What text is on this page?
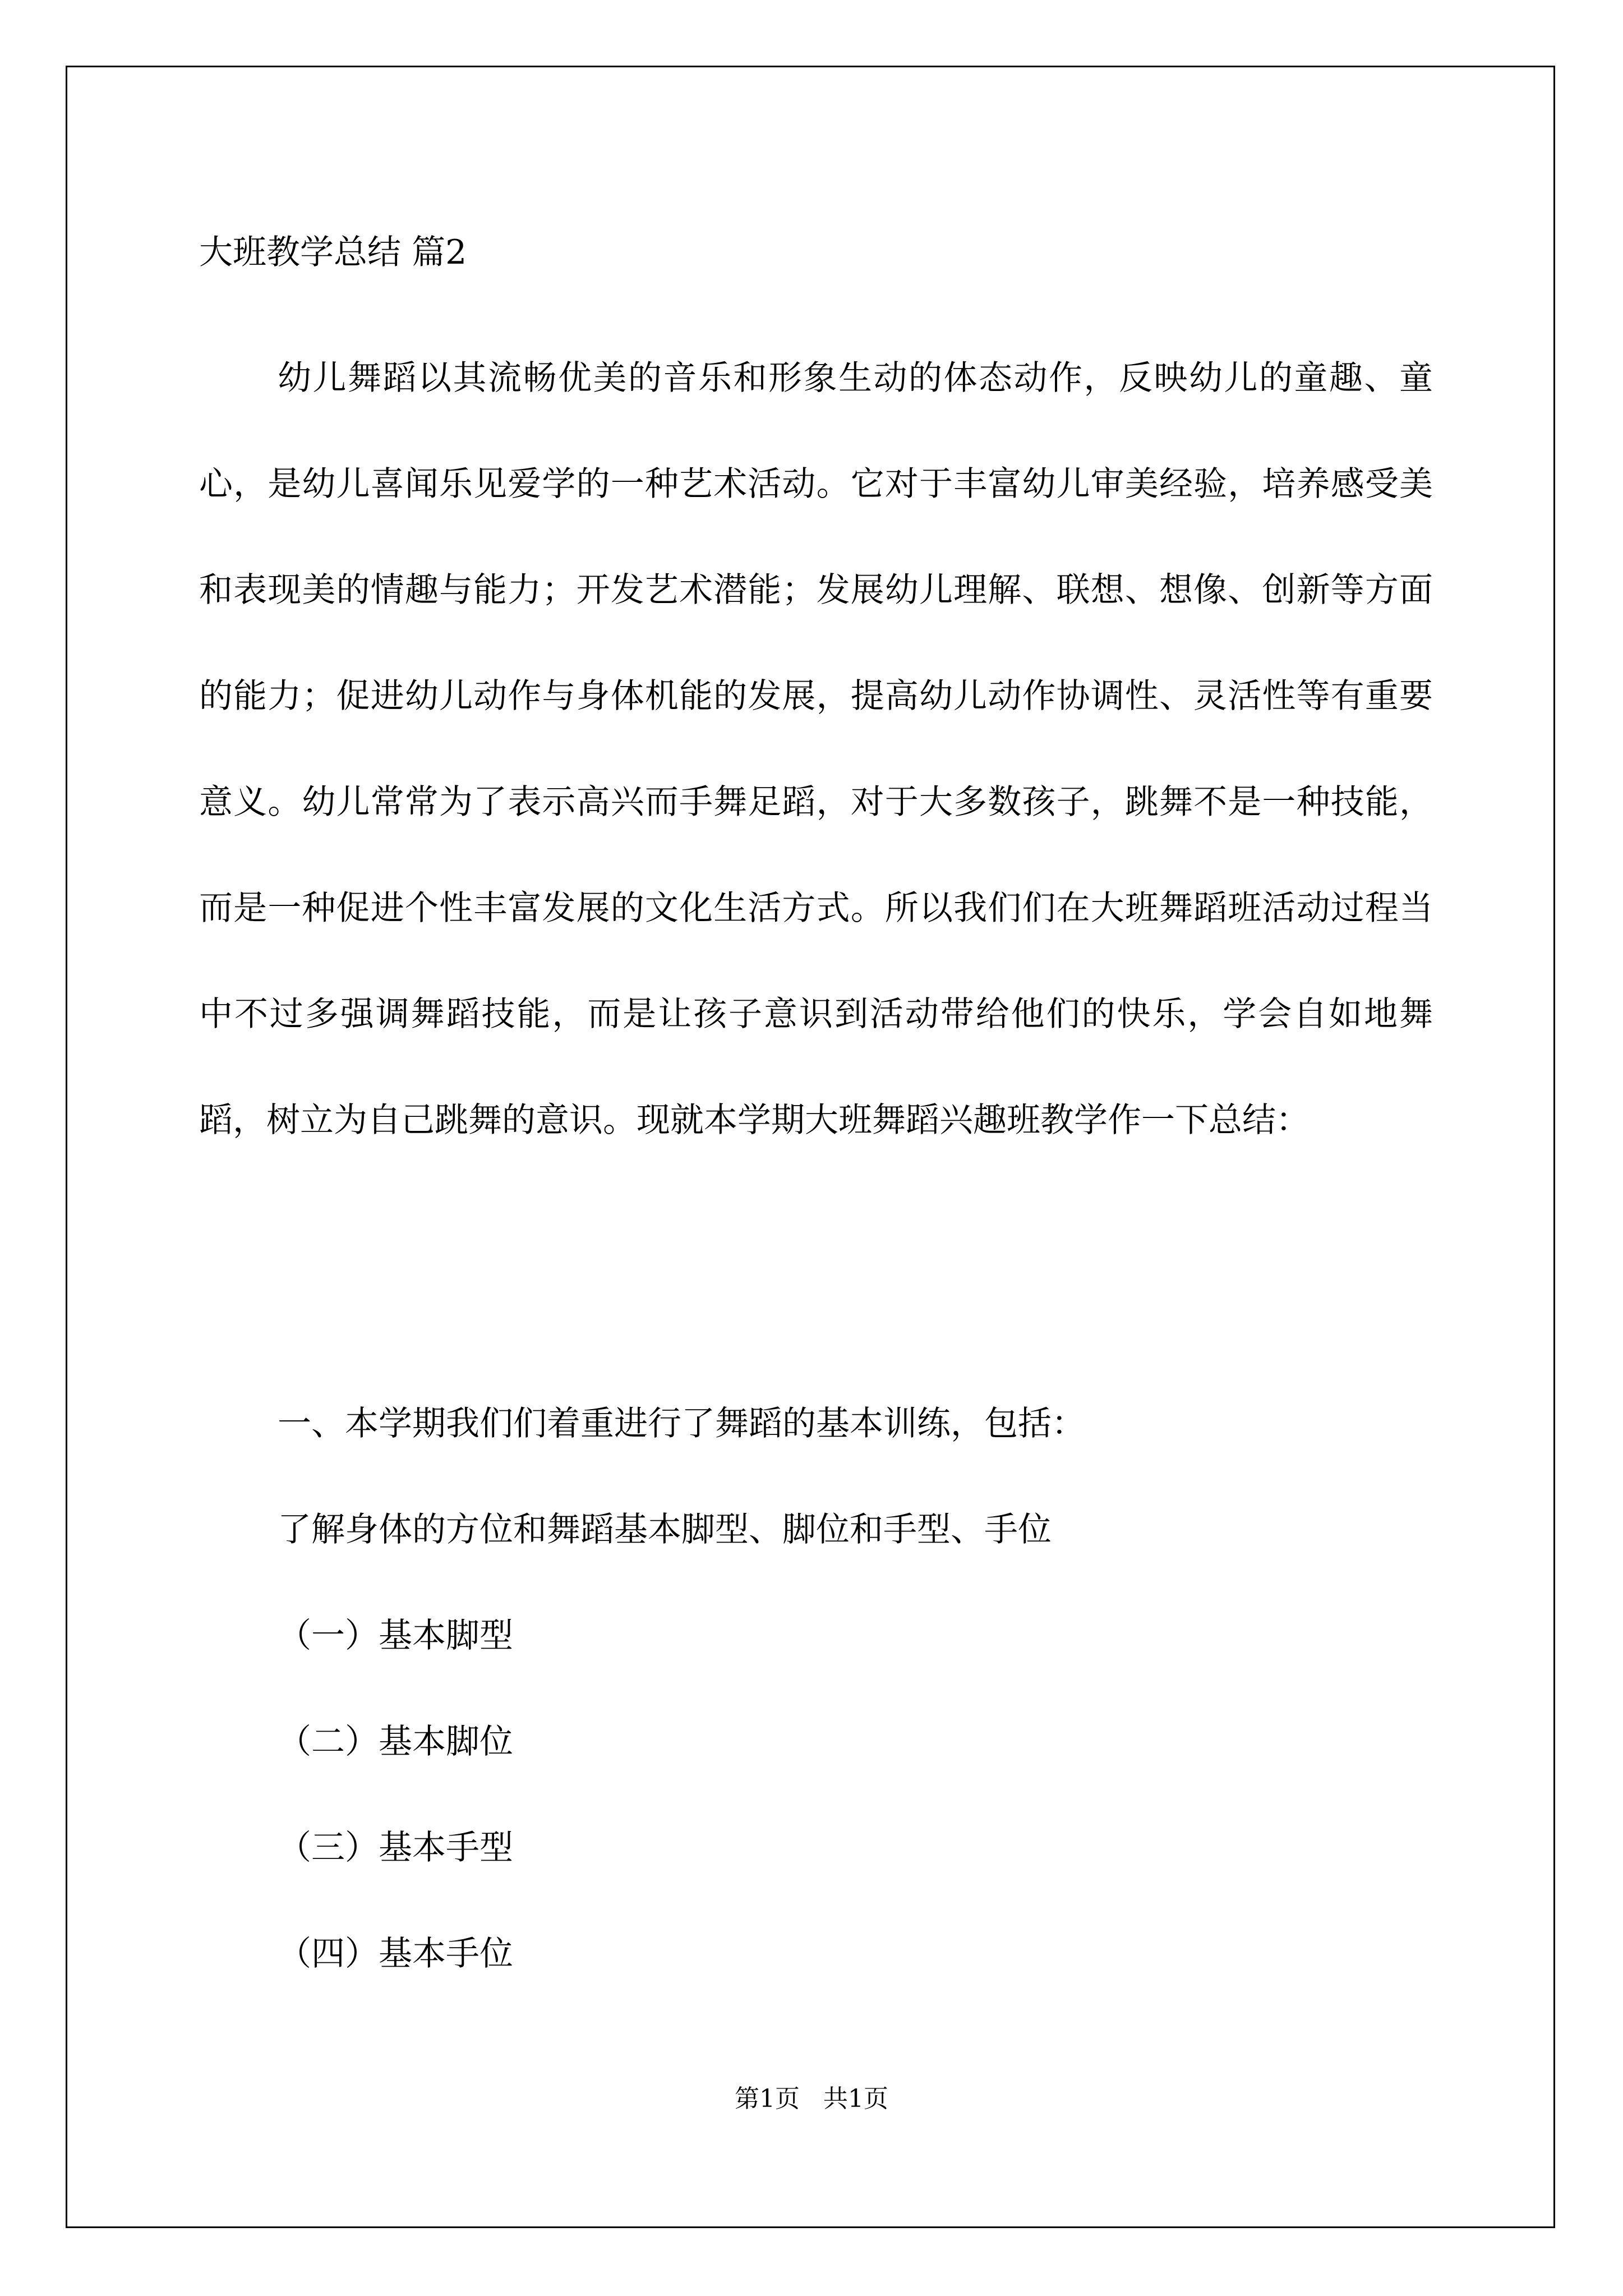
大班教学总结 篇2
幼儿舞蹈以其流畅优美的音乐和形象生动的体态动作，反映幼儿的童趣、童心，是幼儿喜闻乐见爱学的一种艺术活动。它对于丰富幼儿审美经验，培养感受美和表现美的情趣与能力；开发艺术潜能；发展幼儿理解、联想、想像、创新等方面的能力；促进幼儿动作与身体机能的发展，提高幼儿动作协调性、灵活性等有重要意义。幼儿常常为了表示高兴而手舞足蹈，对于大多数孩子，跳舞不是一种技能，而是一种促进个性丰富发展的文化生活方式。所以我们们在大班舞蹈班活动过程当中不过多强调舞蹈技能，而是让孩子意识到活动带给他们的快乐，学会自如地舞蹈，树立为自己跳舞的意识。现就本学期大班舞蹈兴趣班教学作一下总结：
一、本学期我们们着重进行了舞蹈的基本训练，包括：
了解身体的方位和舞蹈基本脚型、脚位和手型、手位
（一）基本脚型
（二）基本脚位
（三）基本手型
（四）基本手位
第1页   共1页
